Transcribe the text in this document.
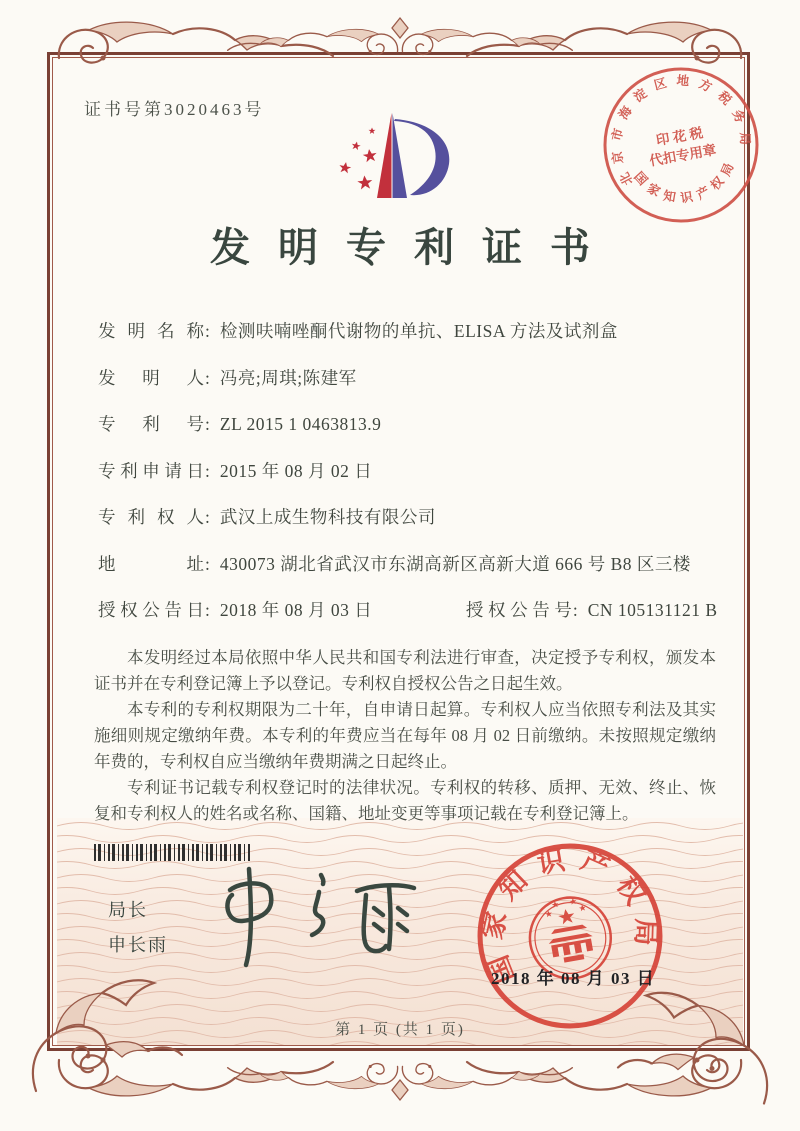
证书号第3020463号
北京市海淀区地方税务局
国家知识产权局
印 花 税
代扣专用章
发明专利证书
发明名称 : 检测呋喃唑酮代谢物的单抗、ELISA 方法及试剂盒
发明人 : 冯亮;周琪;陈建军
专利号 : ZL 2015 1 0463813.9
专利申请日 : 2015 年 08 月 02 日
专利权人 : 武汉上成生物科技有限公司
地址 : 430073 湖北省武汉市东湖高新区高新大道 666 号 B8 区三楼
授权公告日 : 2018 年 08 月 03 日	授权公告号 : CN 105131121 B

本发明经过本局依照中华人民共和国专利法进行审查，决定授予专利权，颁发本证书并在专利登记簿上予以登记。专利权自授权公告之日起生效。

本专利的专利权期限为二十年，自申请日起算。专利权人应当依照专利法及其实施细则规定缴纳年费。本专利的年费应当在每年 08 月 02 日前缴纳。未按照规定缴纳年费的，专利权自应当缴纳年费期满之日起终止。

专利证书记载专利权登记时的法律状况。专利权的转移、质押、无效、终止、恢复和专利权人的姓名或名称、国籍、地址变更等事项记载在专利登记簿上。

局长
申长雨	国家知识产权局
2018 年 08 月 03 日
第 1 页 (共 1 页)
